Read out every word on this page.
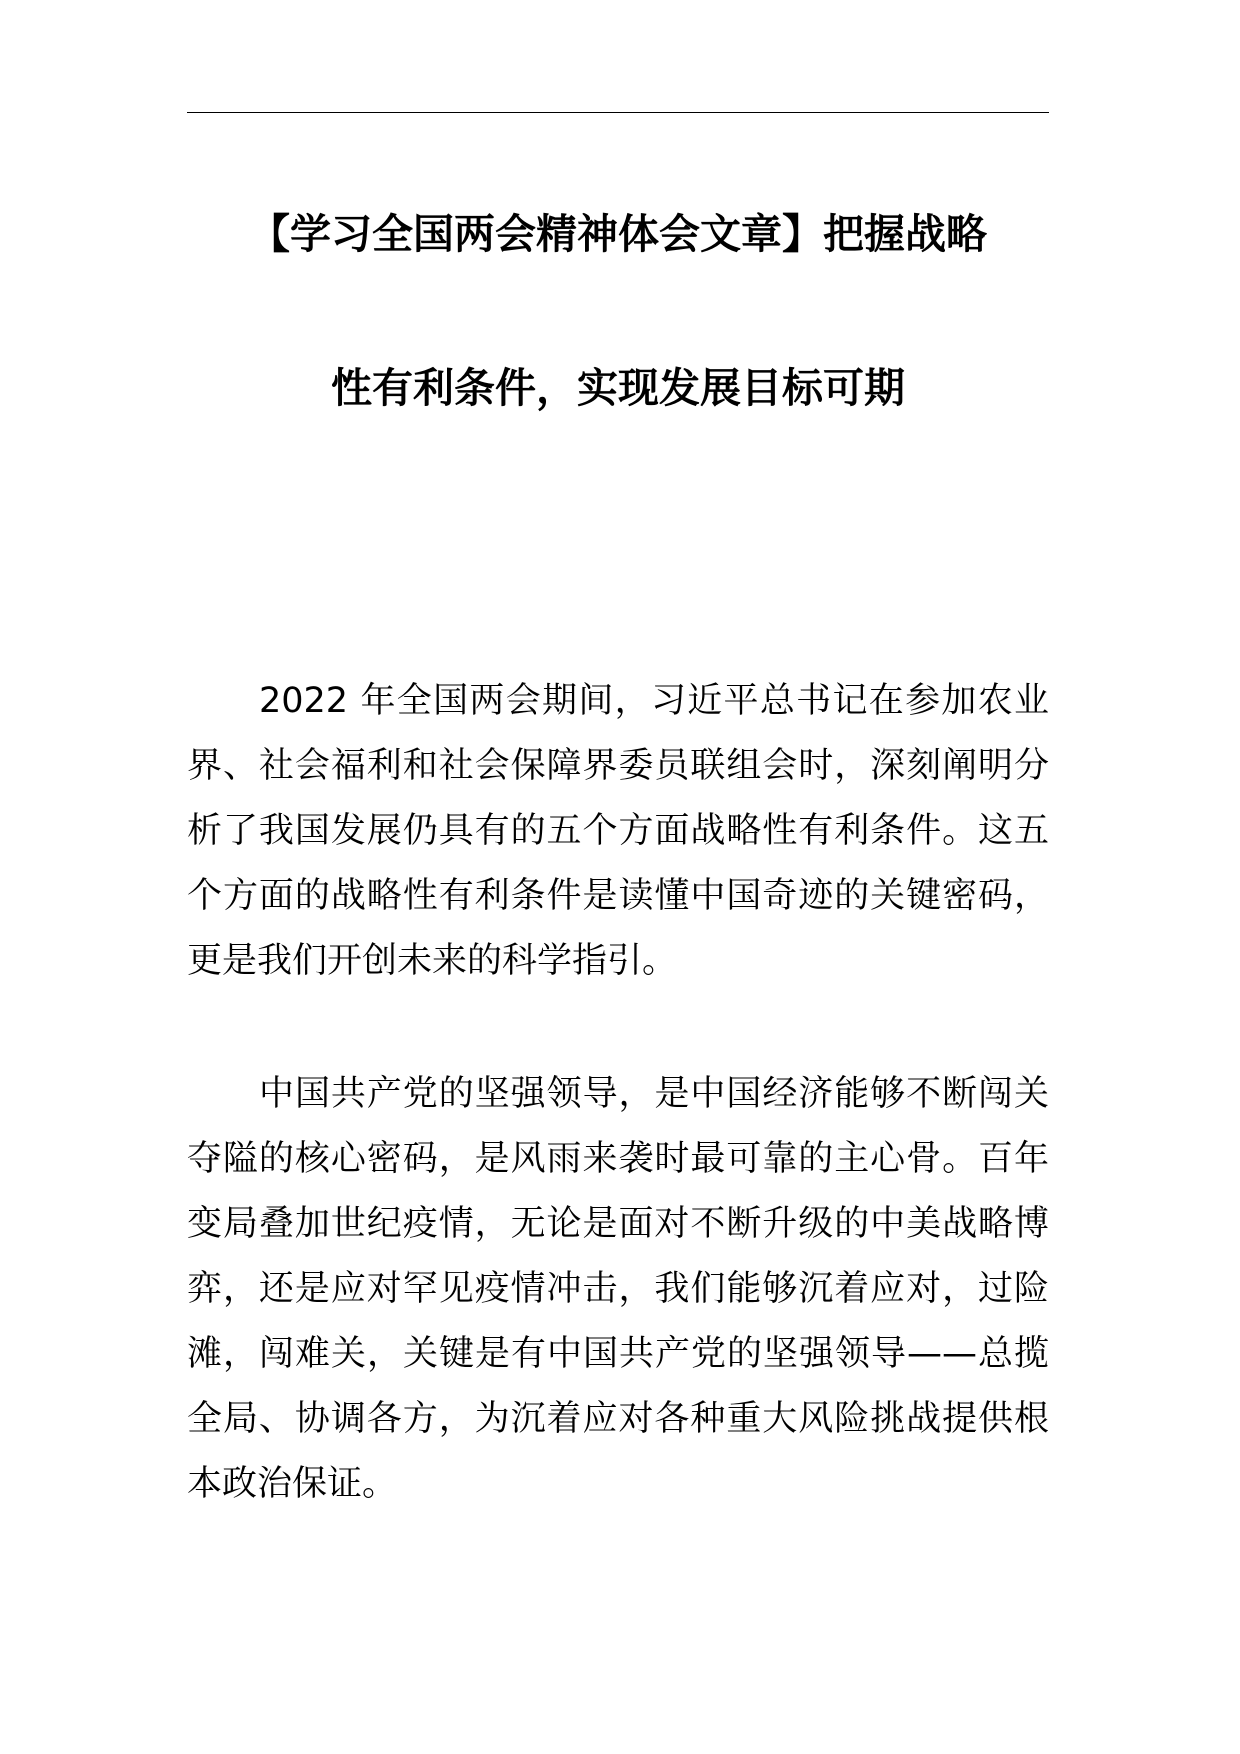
【学习全国两会精神体会文章】把握战略
性有利条件，实现发展目标可期
2022 年全国两会期间，习近平总书记在参加农业
界、社会福利和社会保障界委员联组会时，深刻阐明分
析了我国发展仍具有的五个方面战略性有利条件。这五
个方面的战略性有利条件是读懂中国奇迹的关键密码，
更是我们开创未来的科学指引。
中国共产党的坚强领导，是中国经济能够不断闯关
夺隘的核心密码，是风雨来袭时最可靠的主心骨。百年
变局叠加世纪疫情，无论是面对不断升级的中美战略博
弈，还是应对罕见疫情冲击，我们能够沉着应对，过险
滩，闯难关，关键是有中国共产党的坚强领导——总揽
全局、协调各方，为沉着应对各种重大风险挑战提供根
本政治保证。
